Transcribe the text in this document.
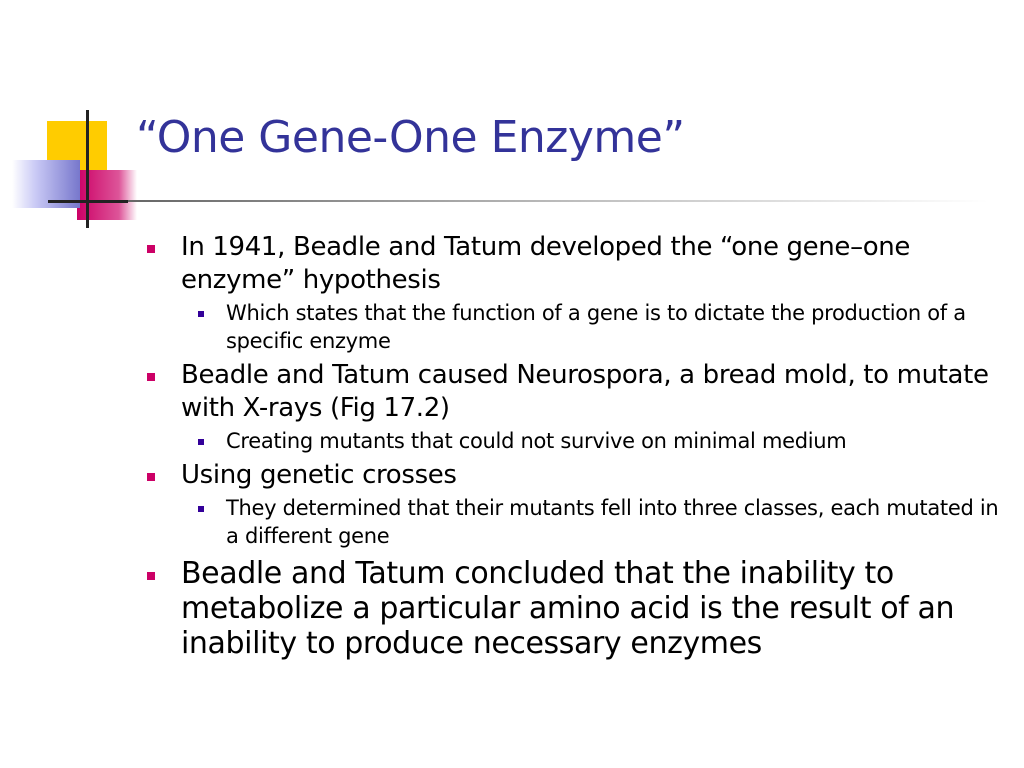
“One Gene-One Enzyme”
In 1941, Beadle and Tatum developed the “one gene–one enzyme” hypothesis
Which states that the function of a gene is to dictate the production of a specific enzyme
Beadle and Tatum caused Neurospora, a bread mold, to mutate with X-rays (Fig 17.2)
Creating mutants that could not survive on minimal medium
Using genetic crosses
They determined that their mutants fell into three classes, each mutated in a different gene
Beadle and Tatum concluded that the inability to metabolize a particular amino acid is the result of an inability to produce necessary enzymes
